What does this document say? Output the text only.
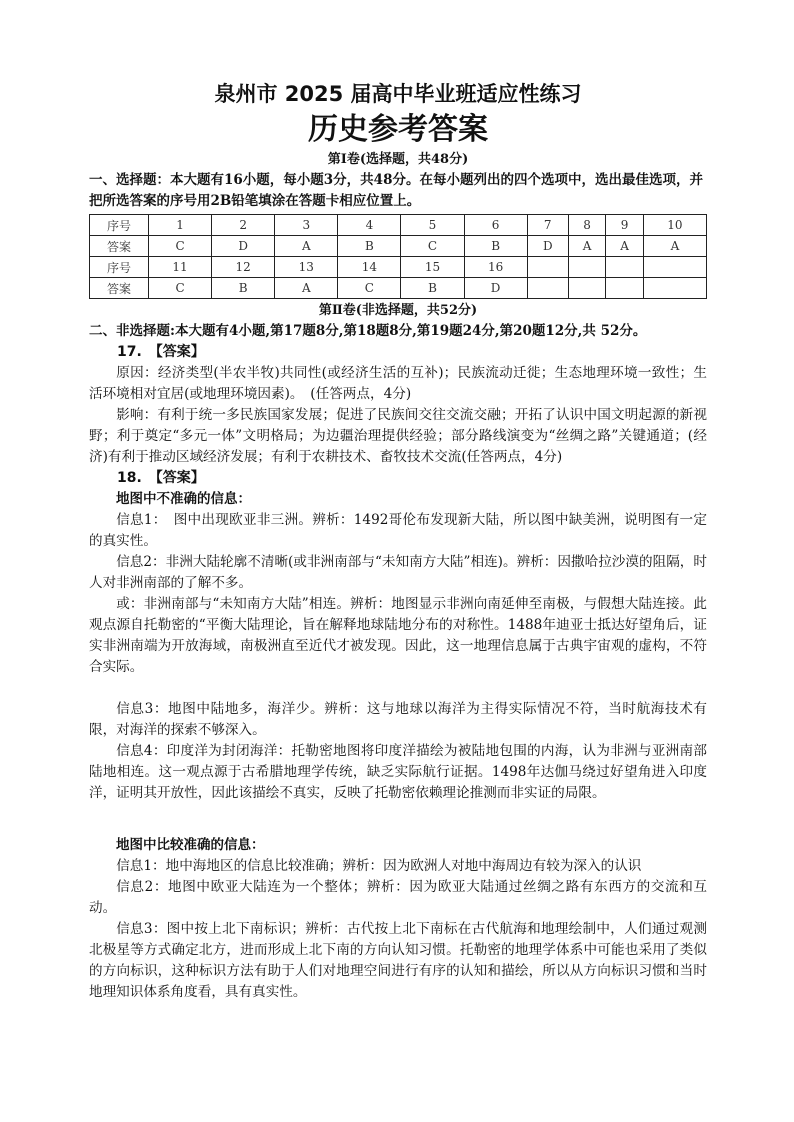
泉州市 2025 届高中毕业班适应性练习
历史参考答案
第Ⅰ卷(选择题，共48分)
一、选择题：本大题有16小题，每小题3分，共48分。在每小题列出的四个选项中，选出最佳选项，并把所选答案的序号用2B铅笔填涂在答题卡相应位置上。
序号	1	2	3	4	5	6	7	8	9	10
答案	C	D	A	B	C	B	D	A	A	A
序号	11	12	13	14	15	16				
答案	C	B	A	C	B	D				
第Ⅱ卷(非选择题，共52分)
二、非选择题:本大题有4小题,第17题8分,第18题8分,第19题24分,第20题12分,共 52分。
17.　【答案】

原因：经济类型(半农半牧)共同性(或经济生活的互补)；民族流动迁徙；生态地理环境一致性；生活环境相对宜居(或地理环境因素)。　(任答两点，4分)

影响：有利于统一多民族国家发展；促进了民族间交往交流交融；开拓了认识中国文明起源的新视野；利于奠定“多元一体”文明格局；为边疆治理提供经验；部分路线演变为“丝绸之路”关键通道；(经济)有利于推动区域经济发展；有利于农耕技术、畜牧技术交流(任答两点，4分)

18.　【答案】
地图中不准确的信息：

信息1：　图中出现欧亚非三洲。辨析：1492哥伦布发现新大陆，所以图中缺美洲，说明图有一定的真实性。

信息2：非洲大陆轮廓不清晰(或非洲南部与“未知南方大陆”相连)。辨析：因撒哈拉沙漠的阻隔，时人对非洲南部的了解不多。

或：非洲南部与“未知南方大陆”相连。辨析：地图显示非洲向南延伸至南极，与假想大陆连接。此观点源自托勒密的“平衡大陆理论，旨在解释地球陆地分布的对称性。1488年迪亚士抵达好望角后，证实非洲南端为开放海域，南极洲直至近代才被发现。因此，这一地理信息属于古典宇宙观的虚构，不符合实际。

信息3：地图中陆地多，海洋少。辨析：这与地球以海洋为主得实际情况不符，当时航海技术有限，对海洋的探索不够深入。

信息4：印度洋为封闭海洋：托勒密地图将印度洋描绘为被陆地包围的内海，认为非洲与亚洲南部陆地相连。这一观点源于古希腊地理学传统，缺乏实际航行证据。1498年达伽马绕过好望角进入印度洋，证明其开放性，因此该描绘不真实，反映了托勒密依赖理论推测而非实证的局限。

地图中比较准确的信息：

信息1：地中海地区的信息比较准确；辨析：因为欧洲人对地中海周边有较为深入的认识

信息2：地图中欧亚大陆连为一个整体；辨析：因为欧亚大陆通过丝绸之路有东西方的交流和互动。

信息3：图中按上北下南标识；辨析：古代按上北下南标在古代航海和地理绘制中，人们通过观测北极星等方式确定北方，进而形成上北下南的方向认知习惯。托勒密的地理学体系中可能也采用了类似的方向标识，这种标识方法有助于人们对地理空间进行有序的认知和描绘，所以从方向标识习惯和当时地理知识体系角度看，具有真实性。
